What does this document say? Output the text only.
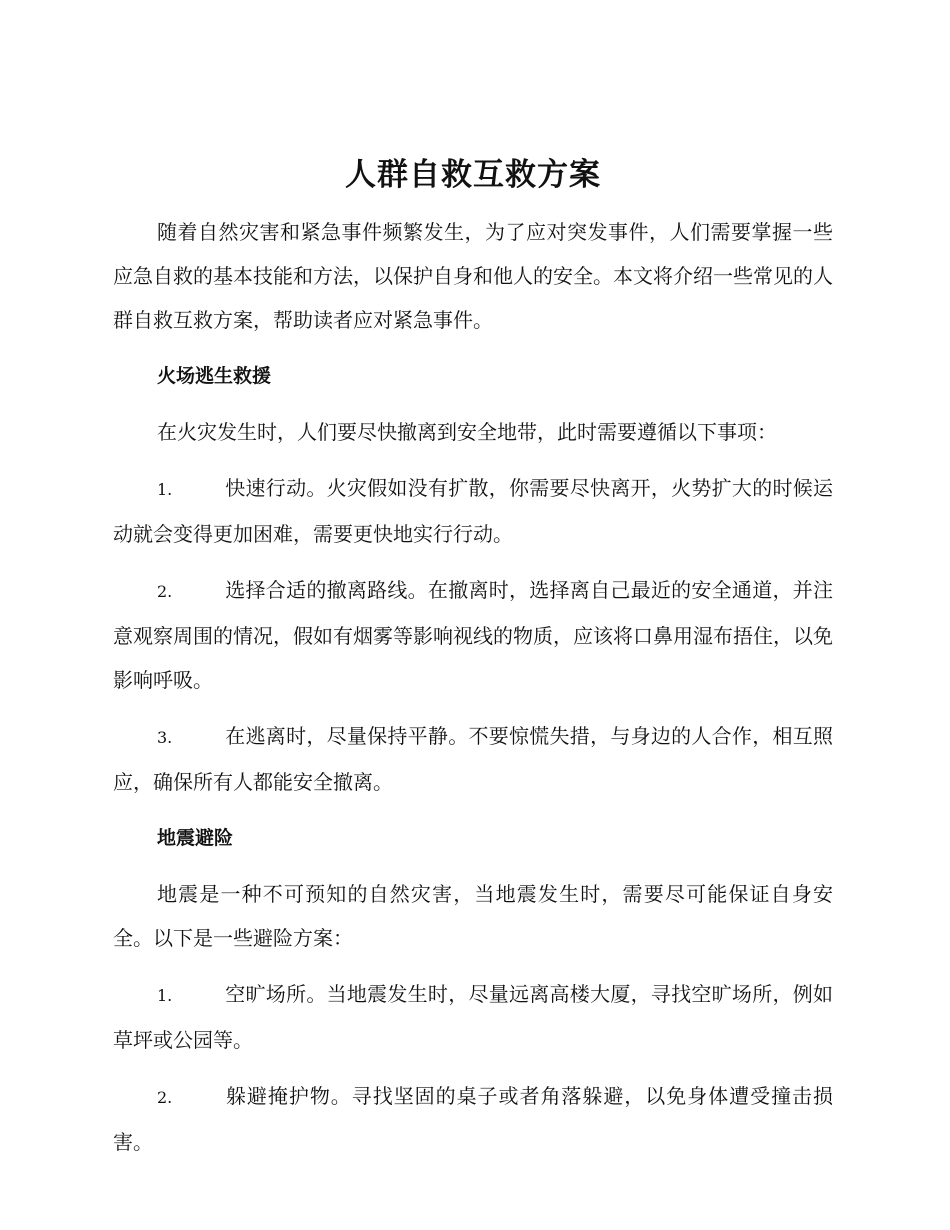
人群自救互救方案

随着自然灾害和紧急事件频繁发生，为了应对突发事件，人们需要掌握一些应急自救的基本技能和方法，以保护自身和他人的安全。本文将介绍一些常见的人群自救互救方案，帮助读者应对紧急事件。

火场逃生救援

在火灾发生时，人们要尽快撤离到安全地带，此时需要遵循以下事项：

1.	快速行动。火灾假如没有扩散，你需要尽快离开，火势扩大的时候运动就会变得更加困难，需要更快地实行行动。

2.	选择合适的撤离路线。在撤离时，选择离自己最近的安全通道，并注意观察周围的情况，假如有烟雾等影响视线的物质，应该将口鼻用湿布捂住，以免影响呼吸。

3.	在逃离时，尽量保持平静。不要惊慌失措，与身边的人合作，相互照应，确保所有人都能安全撤离。

地震避险

地震是一种不可预知的自然灾害，当地震发生时，需要尽可能保证自身安全。以下是一些避险方案：

1.	空旷场所。当地震发生时，尽量远离高楼大厦，寻找空旷场所，例如草坪或公园等。

2.	躲避掩护物。寻找坚固的桌子或者角落躲避，以免身体遭受撞击损害。
